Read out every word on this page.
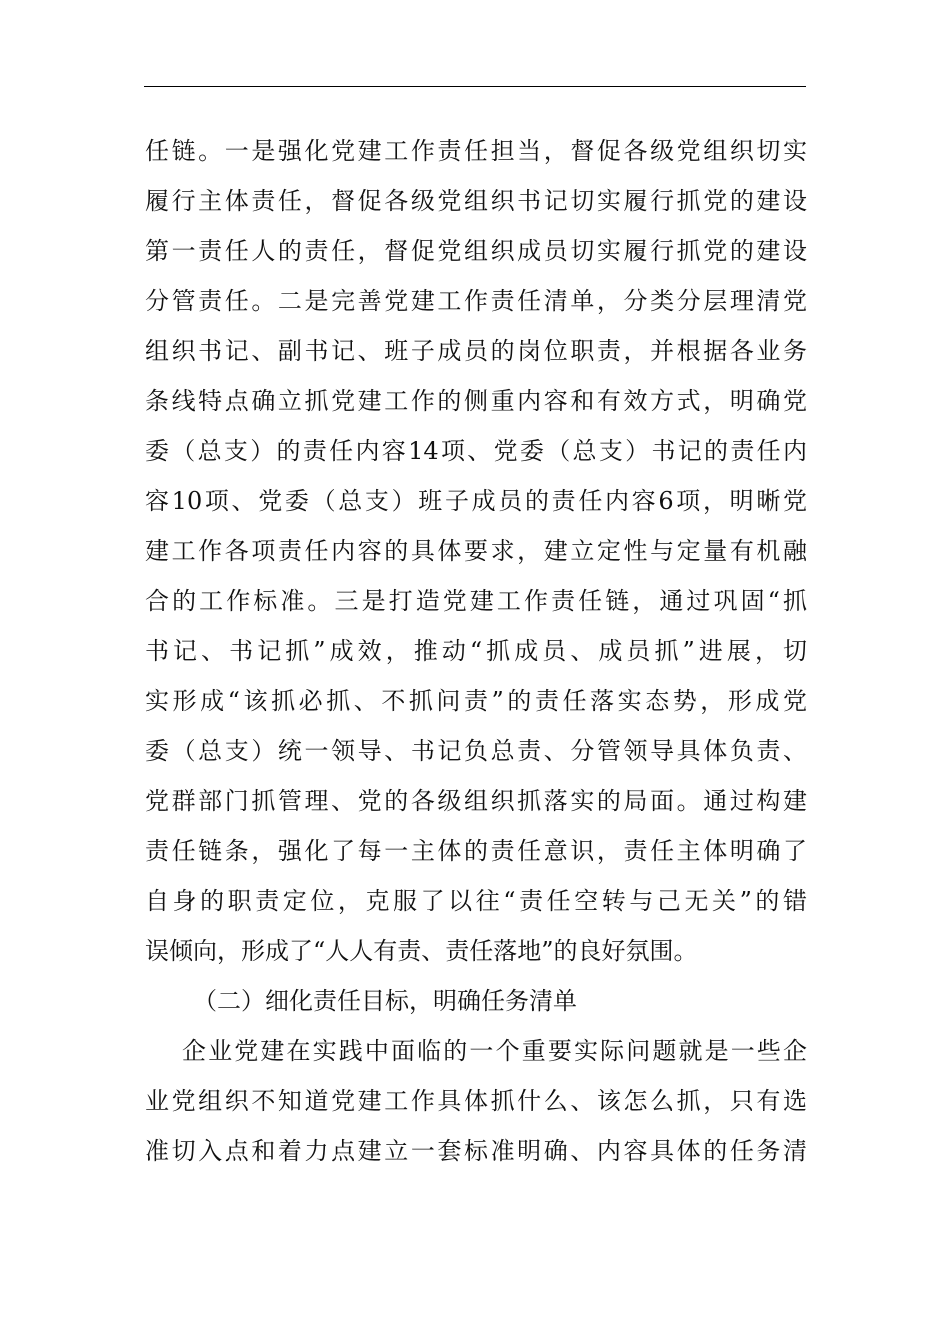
任链。一是强化党建工作责任担当，督促各级党组织切实
履行主体责任，督促各级党组织书记切实履行抓党的建设
第一责任人的责任，督促党组织成员切实履行抓党的建设
分管责任。二是完善党建工作责任清单，分类分层理清党
组织书记、副书记、班子成员的岗位职责，并根据各业务
条线特点确立抓党建工作的侧重内容和有效方式，明确党
委（总支）的责任内容14项、党委（总支）书记的责任内
容10项、党委（总支）班子成员的责任内容6项，明晰党
建工作各项责任内容的具体要求，建立定性与定量有机融
合的工作标准。三是打造党建工作责任链，通过巩固“抓
书记、书记抓”成效，推动“抓成员、成员抓”进展，切
实形成“该抓必抓、不抓问责”的责任落实态势，形成党
委（总支）统一领导、书记负总责、分管领导具体负责、
党群部门抓管理、党的各级组织抓落实的局面。通过构建
责任链条，强化了每一主体的责任意识，责任主体明确了
自身的职责定位，克服了以往“责任空转与己无关”的错
误倾向，形成了“人人有责、责任落地”的良好氛围。
（二）细化责任目标，明确任务清单
企业党建在实践中面临的一个重要实际问题就是一些企
业党组织不知道党建工作具体抓什么、该怎么抓，只有选
准切入点和着力点建立一套标准明确、内容具体的任务清
